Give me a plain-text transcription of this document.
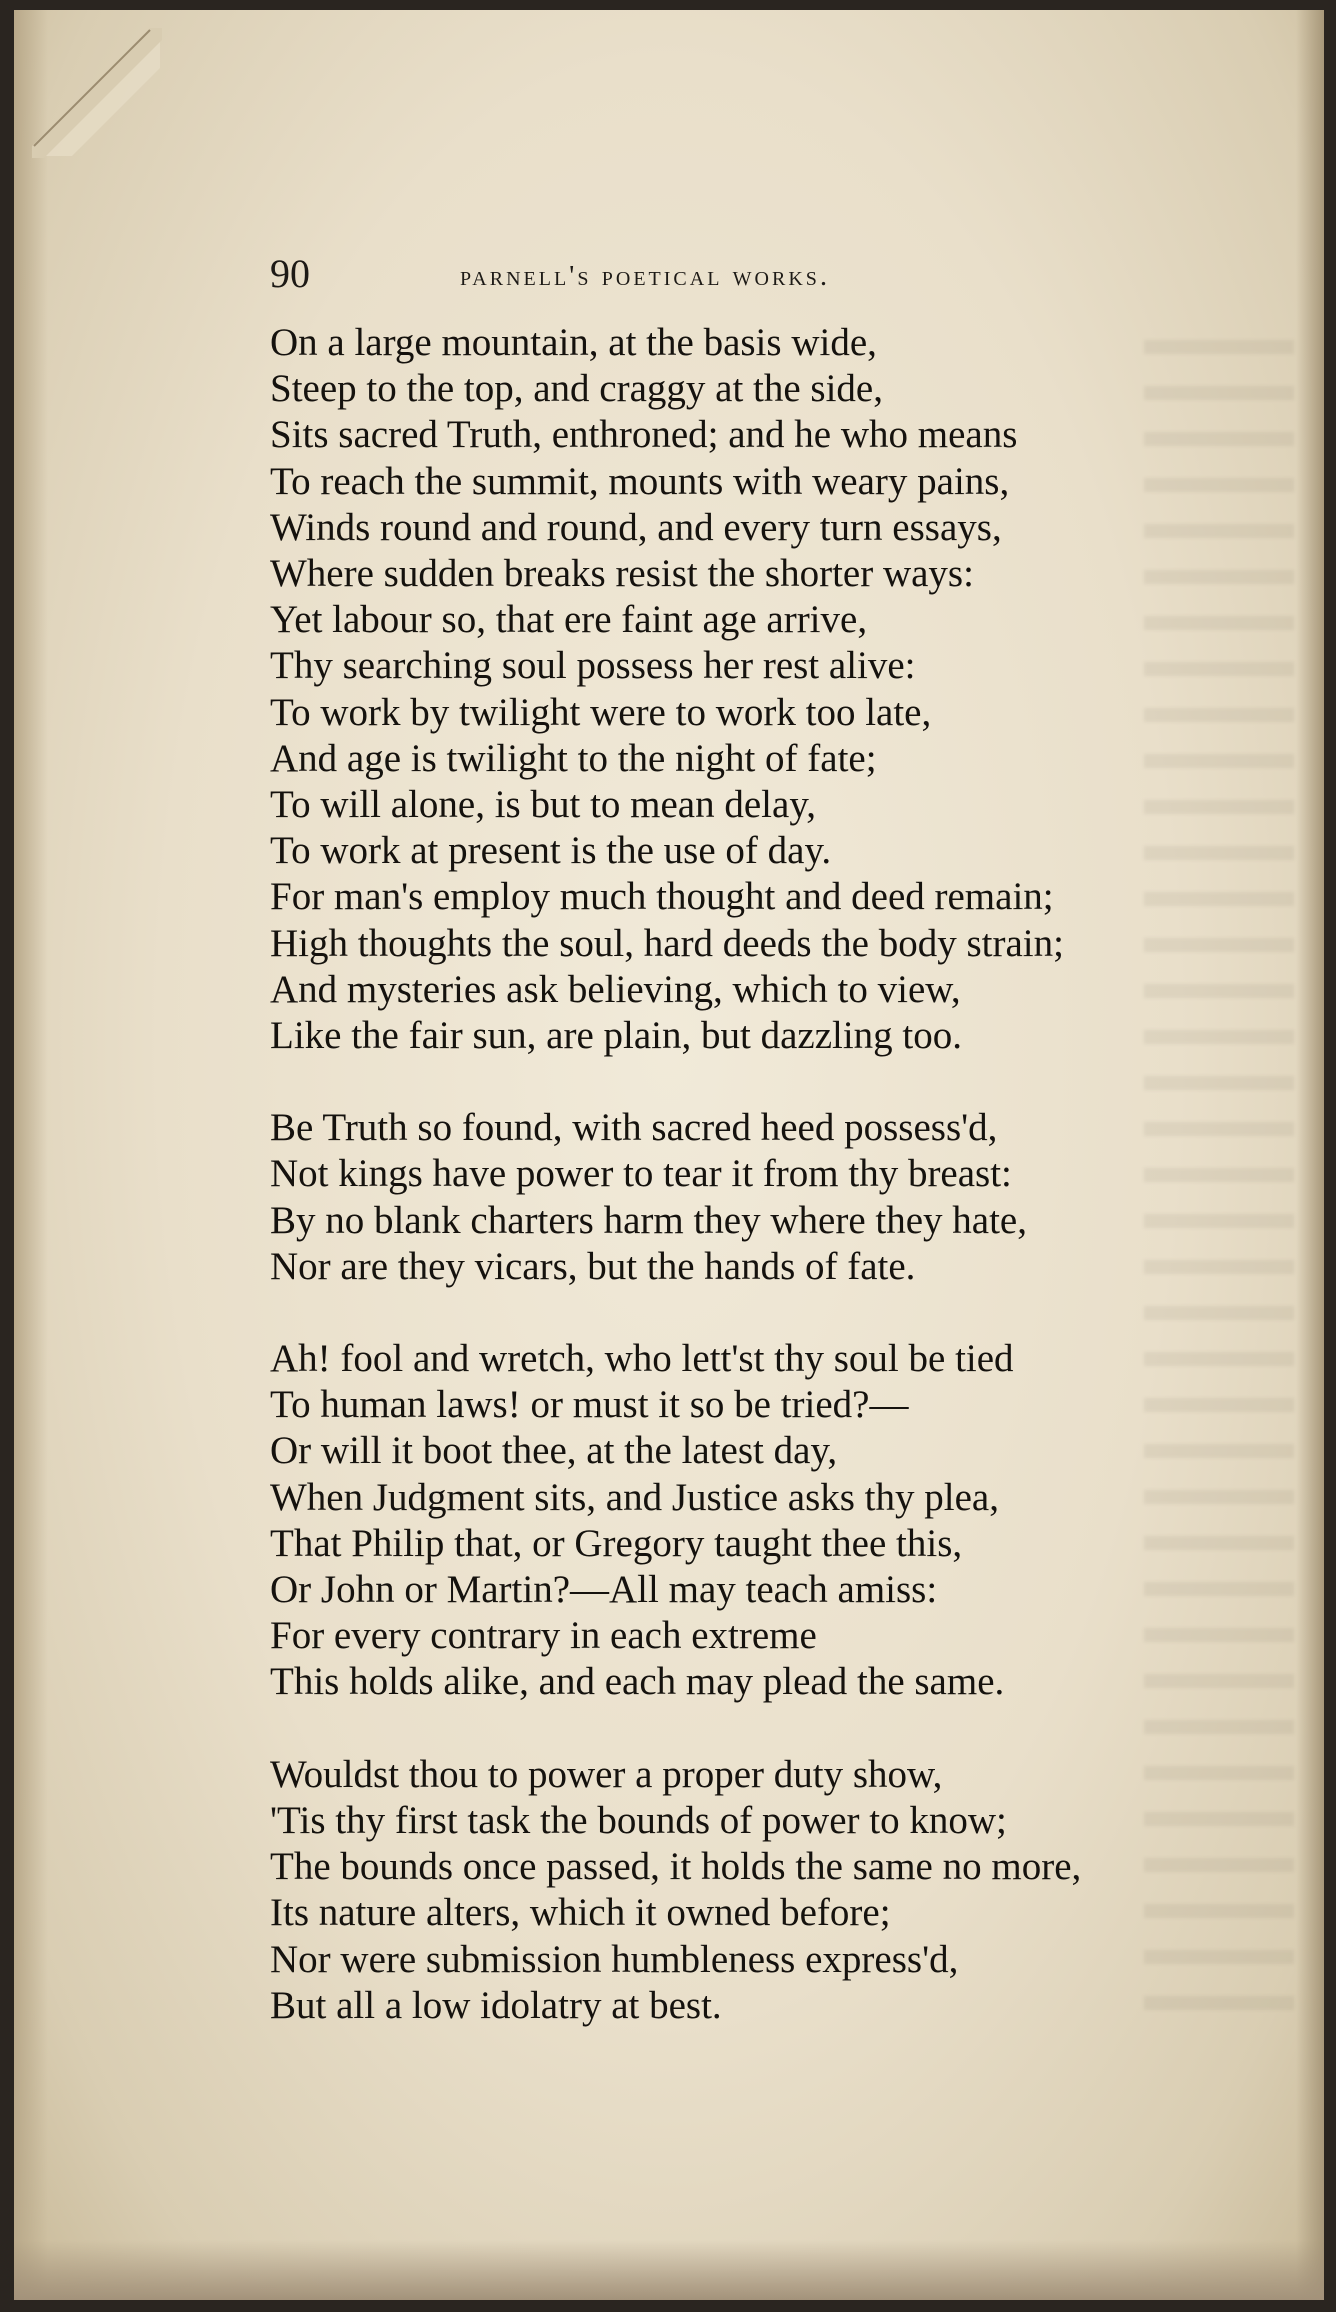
90	parnell's poetical works.
On a large mountain, at the basis wide,
Steep to the top, and craggy at the side,
Sits sacred Truth, enthroned; and he who means
To reach the summit, mounts with weary pains,
Winds round and round, and every turn essays,
Where sudden breaks resist the shorter ways:
Yet labour so, that ere faint age arrive,
Thy searching soul possess her rest alive:
To work by twilight were to work too late,
And age is twilight to the night of fate;
To will alone, is but to mean delay,
To work at present is the use of day.
For man's employ much thought and deed remain;
High thoughts the soul, hard deeds the body strain;
And mysteries ask believing, which to view,
Like the fair sun, are plain, but dazzling too.
Be Truth so found, with sacred heed possess'd,
Not kings have power to tear it from thy breast:
By no blank charters harm they where they hate,
Nor are they vicars, but the hands of fate.
Ah! fool and wretch, who lett'st thy soul be tied
To human laws! or must it so be tried?—
Or will it boot thee, at the latest day,
When Judgment sits, and Justice asks thy plea,
That Philip that, or Gregory taught thee this,
Or John or Martin?—All may teach amiss:
For every contrary in each extreme
This holds alike, and each may plead the same.
Wouldst thou to power a proper duty show,
'Tis thy first task the bounds of power to know;
The bounds once passed, it holds the same no more,
Its nature alters, which it owned before;
Nor were submission humbleness express'd,
But all a low idolatry at best.
